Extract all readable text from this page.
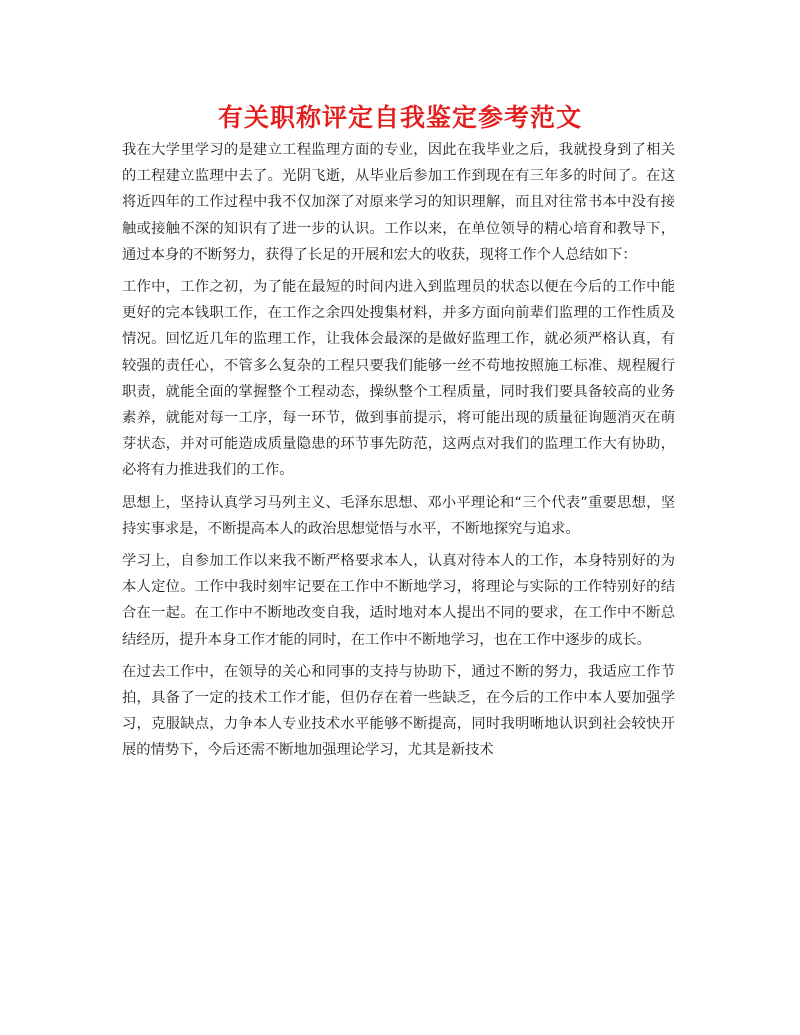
有关职称评定自我鉴定参考范文

我在大学里学习的是建立工程监理方面的专业，因此在我毕业之后，我就投身到了相关的工程建立监理中去了。光阴飞逝，从毕业后参加工作到现在有三年多的时间了。在这将近四年的工作过程中我不仅加深了对原来学习的知识理解，而且对往常书本中没有接触或接触不深的知识有了进一步的认识。工作以来，在单位领导的精心培育和教导下，通过本身的不断努力，获得了长足的开展和宏大的收获，现将工作个人总结如下：

工作中，工作之初，为了能在最短的时间内进入到监理员的状态以便在今后的工作中能更好的完本钱职工作，在工作之余四处搜集材料，并多方面向前辈们监理的工作性质及情况。回忆近几年的监理工作，让我体会最深的是做好监理工作，就必须严格认真，有较强的责任心，不管多么复杂的工程只要我们能够一丝不苟地按照施工标准、规程履行职责，就能全面的掌握整个工程动态，操纵整个工程质量，同时我们要具备较高的业务素养，就能对每一工序，每一环节，做到事前提示，将可能出现的质量征询题消灭在萌芽状态，并对可能造成质量隐患的环节事先防范，这两点对我们的监理工作大有协助，必将有力推进我们的工作。

思想上，坚持认真学习马列主义、毛泽东思想、邓小平理论和“三个代表”重要思想，坚持实事求是，不断提高本人的政治思想觉悟与水平，不断地探究与追求。

学习上，自参加工作以来我不断严格要求本人，认真对待本人的工作，本身特别好的为本人定位。工作中我时刻牢记要在工作中不断地学习，将理论与实际的工作特别好的结合在一起。在工作中不断地改变自我，适时地对本人提出不同的要求，在工作中不断总结经历，提升本身工作才能的同时，在工作中不断地学习，也在工作中逐步的成长。

在过去工作中，在领导的关心和同事的支持与协助下，通过不断的努力，我适应工作节拍，具备了一定的技术工作才能，但仍存在着一些缺乏，在今后的工作中本人要加强学习，克服缺点，力争本人专业技术水平能够不断提高，同时我明晰地认识到社会较快开展的情势下，今后还需不断地加强理论学习，尤其是新技术
